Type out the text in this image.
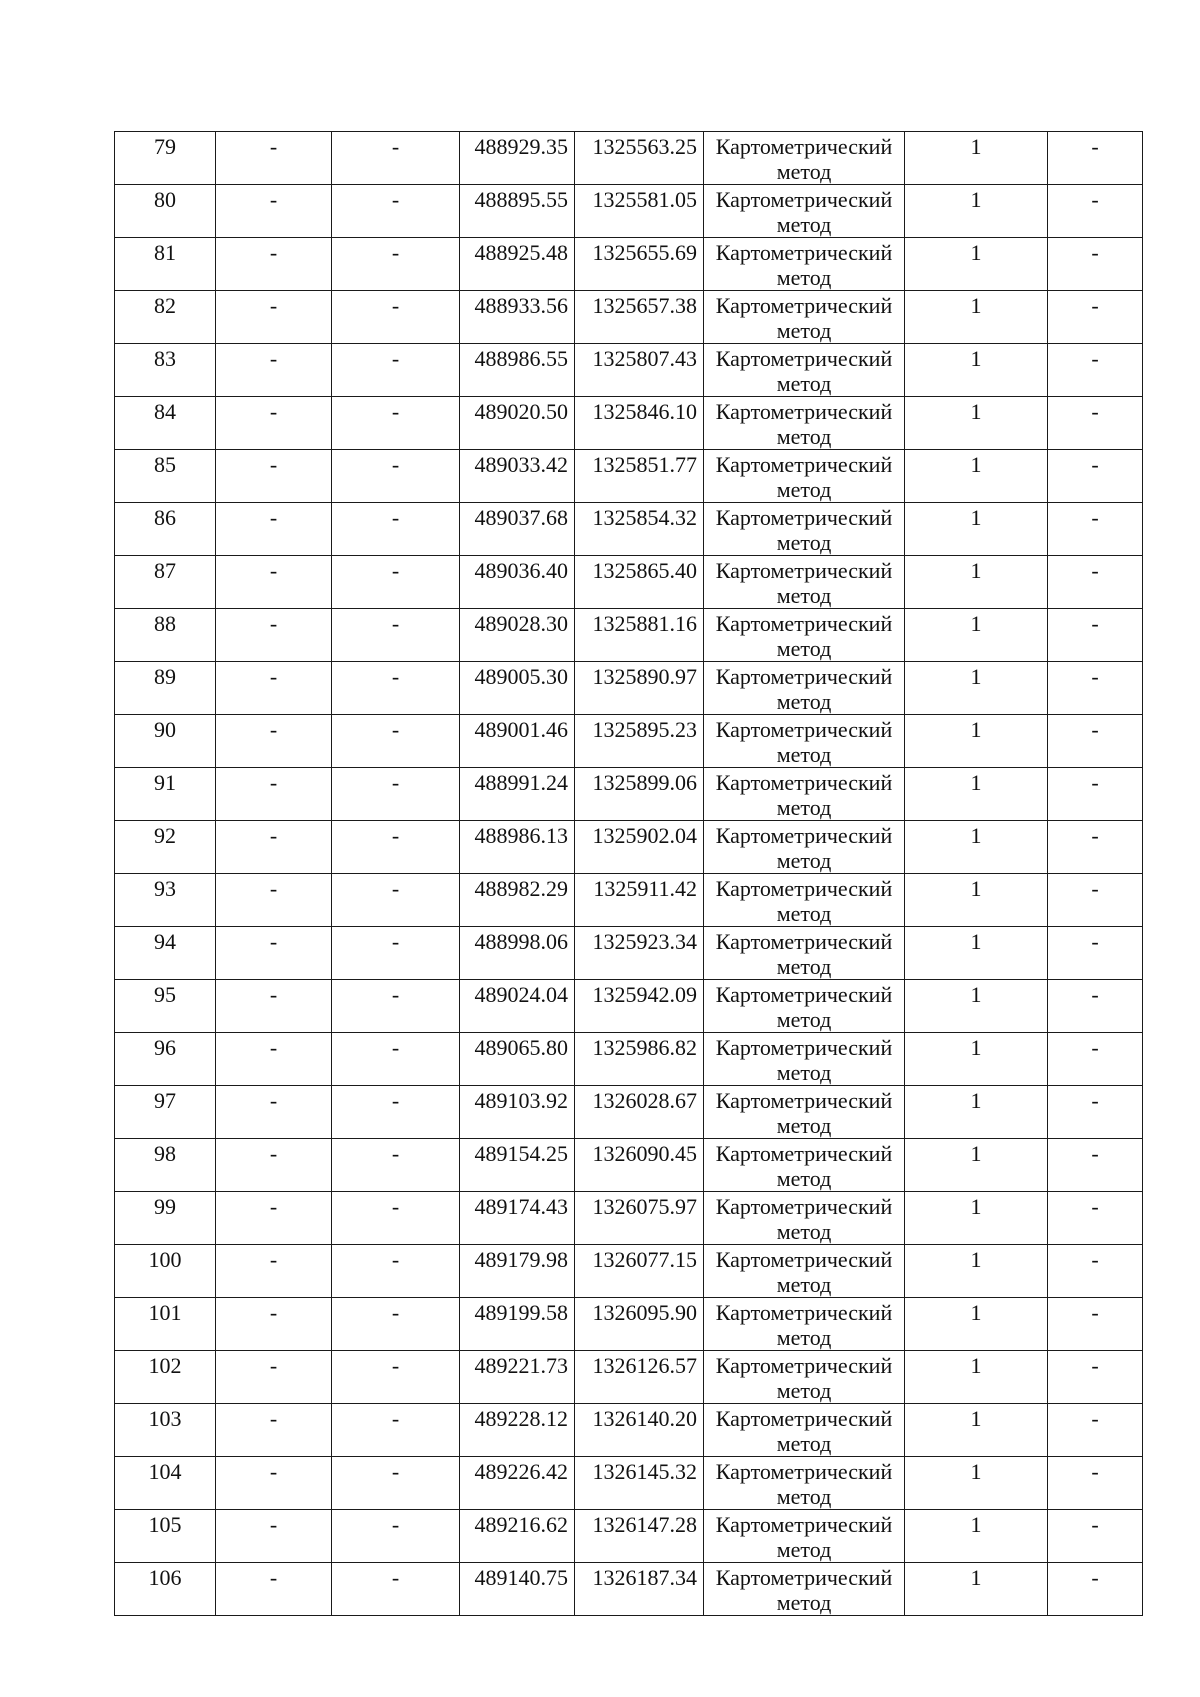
79	-	-	488929.35	1325563.25	Картометрический метод	1	-

80	-	-	488895.55	1325581.05	Картометрический метод	1	-

81	-	-	488925.48	1325655.69	Картометрический метод	1	-

82	-	-	488933.56	1325657.38	Картометрический метод	1	-

83	-	-	488986.55	1325807.43	Картометрический метод	1	-

84	-	-	489020.50	1325846.10	Картометрический метод	1	-

85	-	-	489033.42	1325851.77	Картометрический метод	1	-

86	-	-	489037.68	1325854.32	Картометрический метод	1	-

87	-	-	489036.40	1325865.40	Картометрический метод	1	-

88	-	-	489028.30	1325881.16	Картометрический метод	1	-

89	-	-	489005.30	1325890.97	Картометрический метод	1	-

90	-	-	489001.46	1325895.23	Картометрический метод	1	-

91	-	-	488991.24	1325899.06	Картометрический метод	1	-

92	-	-	488986.13	1325902.04	Картометрический метод	1	-

93	-	-	488982.29	1325911.42	Картометрический метод	1	-

94	-	-	488998.06	1325923.34	Картометрический метод	1	-

95	-	-	489024.04	1325942.09	Картометрический метод	1	-

96	-	-	489065.80	1325986.82	Картометрический метод	1	-

97	-	-	489103.92	1326028.67	Картометрический метод	1	-

98	-	-	489154.25	1326090.45	Картометрический метод	1	-

99	-	-	489174.43	1326075.97	Картометрический метод	1	-

100	-	-	489179.98	1326077.15	Картометрический метод	1	-

101	-	-	489199.58	1326095.90	Картометрический метод	1	-

102	-	-	489221.73	1326126.57	Картометрический метод	1	-

103	-	-	489228.12	1326140.20	Картометрический метод	1	-

104	-	-	489226.42	1326145.32	Картометрический метод	1	-

105	-	-	489216.62	1326147.28	Картометрический метод	1	-

106	-	-	489140.75	1326187.34	Картометрический метод	1	-
